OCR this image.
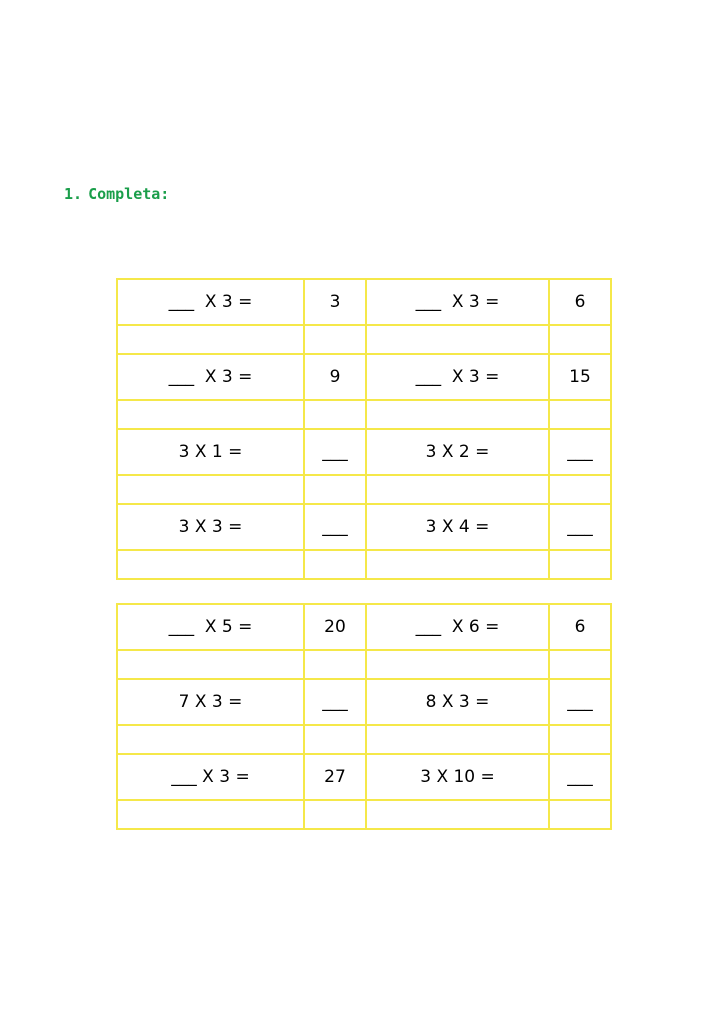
1. Completa:
___  X 3 =	3	___  X 3 =	6

___  X 3 =	9	___  X 3 =	15

3 X 1 =	___	3 X 2 =	___

3 X 3 =	___	3 X 4 =	___

___  X 5 =	20	___  X 6 =	6

7 X 3 =	___	8 X 3 =	___

___ X 3 =	27	3 X 10 =	___
